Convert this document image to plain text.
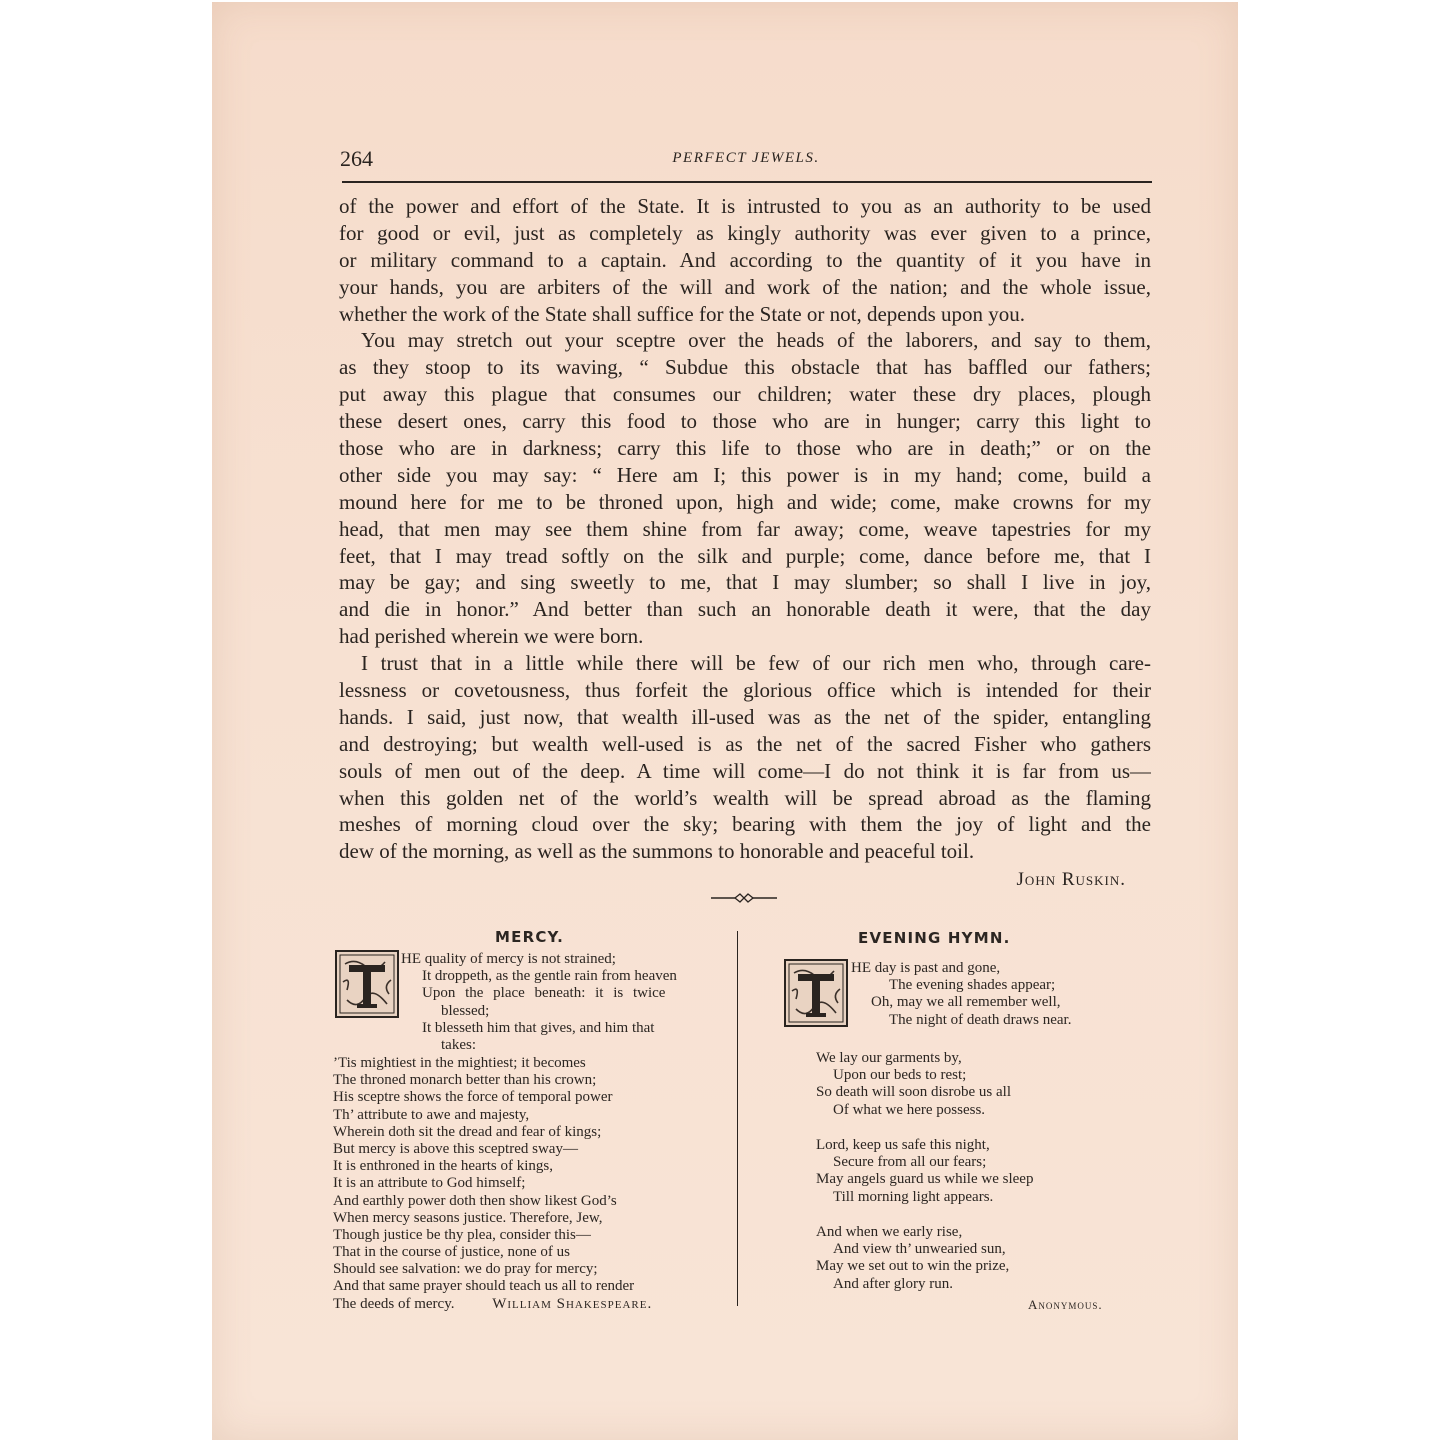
264	PERFECT JEWELS.
of the power and effort of the State. It is intrusted to you as an authority to be used
for good or evil, just as completely as kingly authority was ever given to a prince,
or military command to a captain. And according to the quantity of it you have in
your hands, you are arbiters of the will and work of the nation; and the whole issue,
whether the work of the State shall suffice for the State or not, depends upon you.
You may stretch out your sceptre over the heads of the laborers, and say to them,
as they stoop to its waving, “ Subdue this obstacle that has baffled our fathers;
put away this plague that consumes our children; water these dry places, plough
these desert ones, carry this food to those who are in hunger; carry this light to
those who are in darkness; carry this life to those who are in death;” or on the
other side you may say: “ Here am I; this power is in my hand; come, build a
mound here for me to be throned upon, high and wide; come, make crowns for my
head, that men may see them shine from far away; come, weave tapestries for my
feet, that I may tread softly on the silk and purple; come, dance before me, that I
may be gay; and sing sweetly to me, that I may slumber; so shall I live in joy,
and die in honor.” And better than such an honorable death it were, that the day
had perished wherein we were born.
I trust that in a little while there will be few of our rich men who, through care-
lessness or covetousness, thus forfeit the glorious office which is intended for their
hands. I said, just now, that wealth ill-used was as the net of the spider, entangling
and destroying; but wealth well-used is as the net of the sacred Fisher who gathers
souls of men out of the deep. A time will come—I do not think it is far from us—
when this golden net of the world’s wealth will be spread abroad as the flaming
meshes of morning cloud over the sky; bearing with them the joy of light and the
dew of the morning, as well as the summons to honorable and peaceful toil.
John Ruskin.
MERCY.
HE quality of mercy is not strained;
It droppeth, as the gentle rain from heaven
Upon the place beneath: it is twice
blessed;
It blesseth him that gives, and him that
takes:
’Tis mightiest in the mightiest; it becomes
The throned monarch better than his crown;
His sceptre shows the force of temporal power
Th’ attribute to awe and majesty,
Wherein doth sit the dread and fear of kings;
But mercy is above this sceptred sway—
It is enthroned in the hearts of kings,
It is an attribute to God himself;
And earthly power doth then show likest God’s
When mercy seasons justice. Therefore, Jew,
Though justice be thy plea, consider this—
That in the course of justice, none of us
Should see salvation: we do pray for mercy;
And that same prayer should teach us all to render
The deeds of mercy.	William Shakespeare.
EVENING HYMN.
HE day is past and gone,
The evening shades appear;
Oh, may we all remember well,
The night of death draws near.
We lay our garments by,
Upon our beds to rest;
So death will soon disrobe us all
Of what we here possess.
Lord, keep us safe this night,
Secure from all our fears;
May angels guard us while we sleep
Till morning light appears.
And when we early rise,
And view th’ unwearied sun,
May we set out to win the prize,
And after glory run.
Anonymous.
